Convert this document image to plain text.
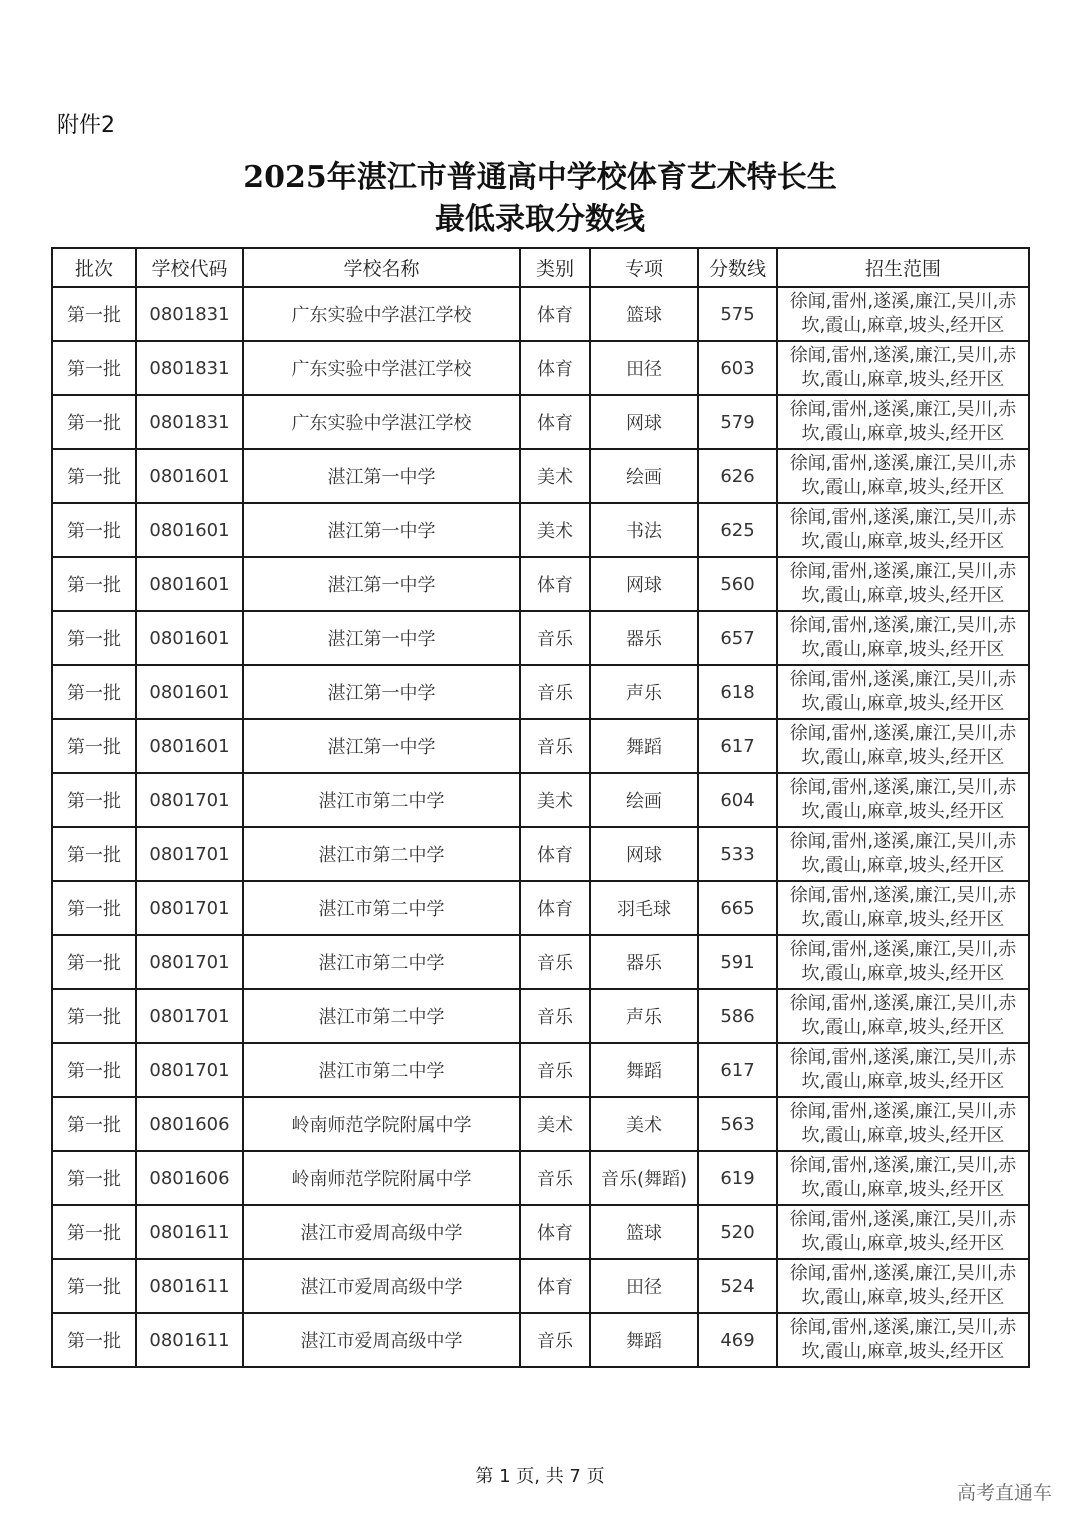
附件2
2025年湛江市普通高中学校体育艺术特长生
最低录取分数线
批次	学校代码	学校名称	类别	专项	分数线	招生范围
第一批	0801831	广东实验中学湛江学校	体育	篮球	575	徐闻,雷州,遂溪,廉江,吴川,赤坎,霞山,麻章,坡头,经开区
第一批	0801831	广东实验中学湛江学校	体育	田径	603	徐闻,雷州,遂溪,廉江,吴川,赤坎,霞山,麻章,坡头,经开区
第一批	0801831	广东实验中学湛江学校	体育	网球	579	徐闻,雷州,遂溪,廉江,吴川,赤坎,霞山,麻章,坡头,经开区
第一批	0801601	湛江第一中学	美术	绘画	626	徐闻,雷州,遂溪,廉江,吴川,赤坎,霞山,麻章,坡头,经开区
第一批	0801601	湛江第一中学	美术	书法	625	徐闻,雷州,遂溪,廉江,吴川,赤坎,霞山,麻章,坡头,经开区
第一批	0801601	湛江第一中学	体育	网球	560	徐闻,雷州,遂溪,廉江,吴川,赤坎,霞山,麻章,坡头,经开区
第一批	0801601	湛江第一中学	音乐	器乐	657	徐闻,雷州,遂溪,廉江,吴川,赤坎,霞山,麻章,坡头,经开区
第一批	0801601	湛江第一中学	音乐	声乐	618	徐闻,雷州,遂溪,廉江,吴川,赤坎,霞山,麻章,坡头,经开区
第一批	0801601	湛江第一中学	音乐	舞蹈	617	徐闻,雷州,遂溪,廉江,吴川,赤坎,霞山,麻章,坡头,经开区
第一批	0801701	湛江市第二中学	美术	绘画	604	徐闻,雷州,遂溪,廉江,吴川,赤坎,霞山,麻章,坡头,经开区
第一批	0801701	湛江市第二中学	体育	网球	533	徐闻,雷州,遂溪,廉江,吴川,赤坎,霞山,麻章,坡头,经开区
第一批	0801701	湛江市第二中学	体育	羽毛球	665	徐闻,雷州,遂溪,廉江,吴川,赤坎,霞山,麻章,坡头,经开区
第一批	0801701	湛江市第二中学	音乐	器乐	591	徐闻,雷州,遂溪,廉江,吴川,赤坎,霞山,麻章,坡头,经开区
第一批	0801701	湛江市第二中学	音乐	声乐	586	徐闻,雷州,遂溪,廉江,吴川,赤坎,霞山,麻章,坡头,经开区
第一批	0801701	湛江市第二中学	音乐	舞蹈	617	徐闻,雷州,遂溪,廉江,吴川,赤坎,霞山,麻章,坡头,经开区
第一批	0801606	岭南师范学院附属中学	美术	美术	563	徐闻,雷州,遂溪,廉江,吴川,赤坎,霞山,麻章,坡头,经开区
第一批	0801606	岭南师范学院附属中学	音乐	音乐(舞蹈)	619	徐闻,雷州,遂溪,廉江,吴川,赤坎,霞山,麻章,坡头,经开区
第一批	0801611	湛江市爱周高级中学	体育	篮球	520	徐闻,雷州,遂溪,廉江,吴川,赤坎,霞山,麻章,坡头,经开区
第一批	0801611	湛江市爱周高级中学	体育	田径	524	徐闻,雷州,遂溪,廉江,吴川,赤坎,霞山,麻章,坡头,经开区
第一批	0801611	湛江市爱周高级中学	音乐	舞蹈	469	徐闻,雷州,遂溪,廉江,吴川,赤坎,霞山,麻章,坡头,经开区
第 1 页, 共 7 页
高考直通车
